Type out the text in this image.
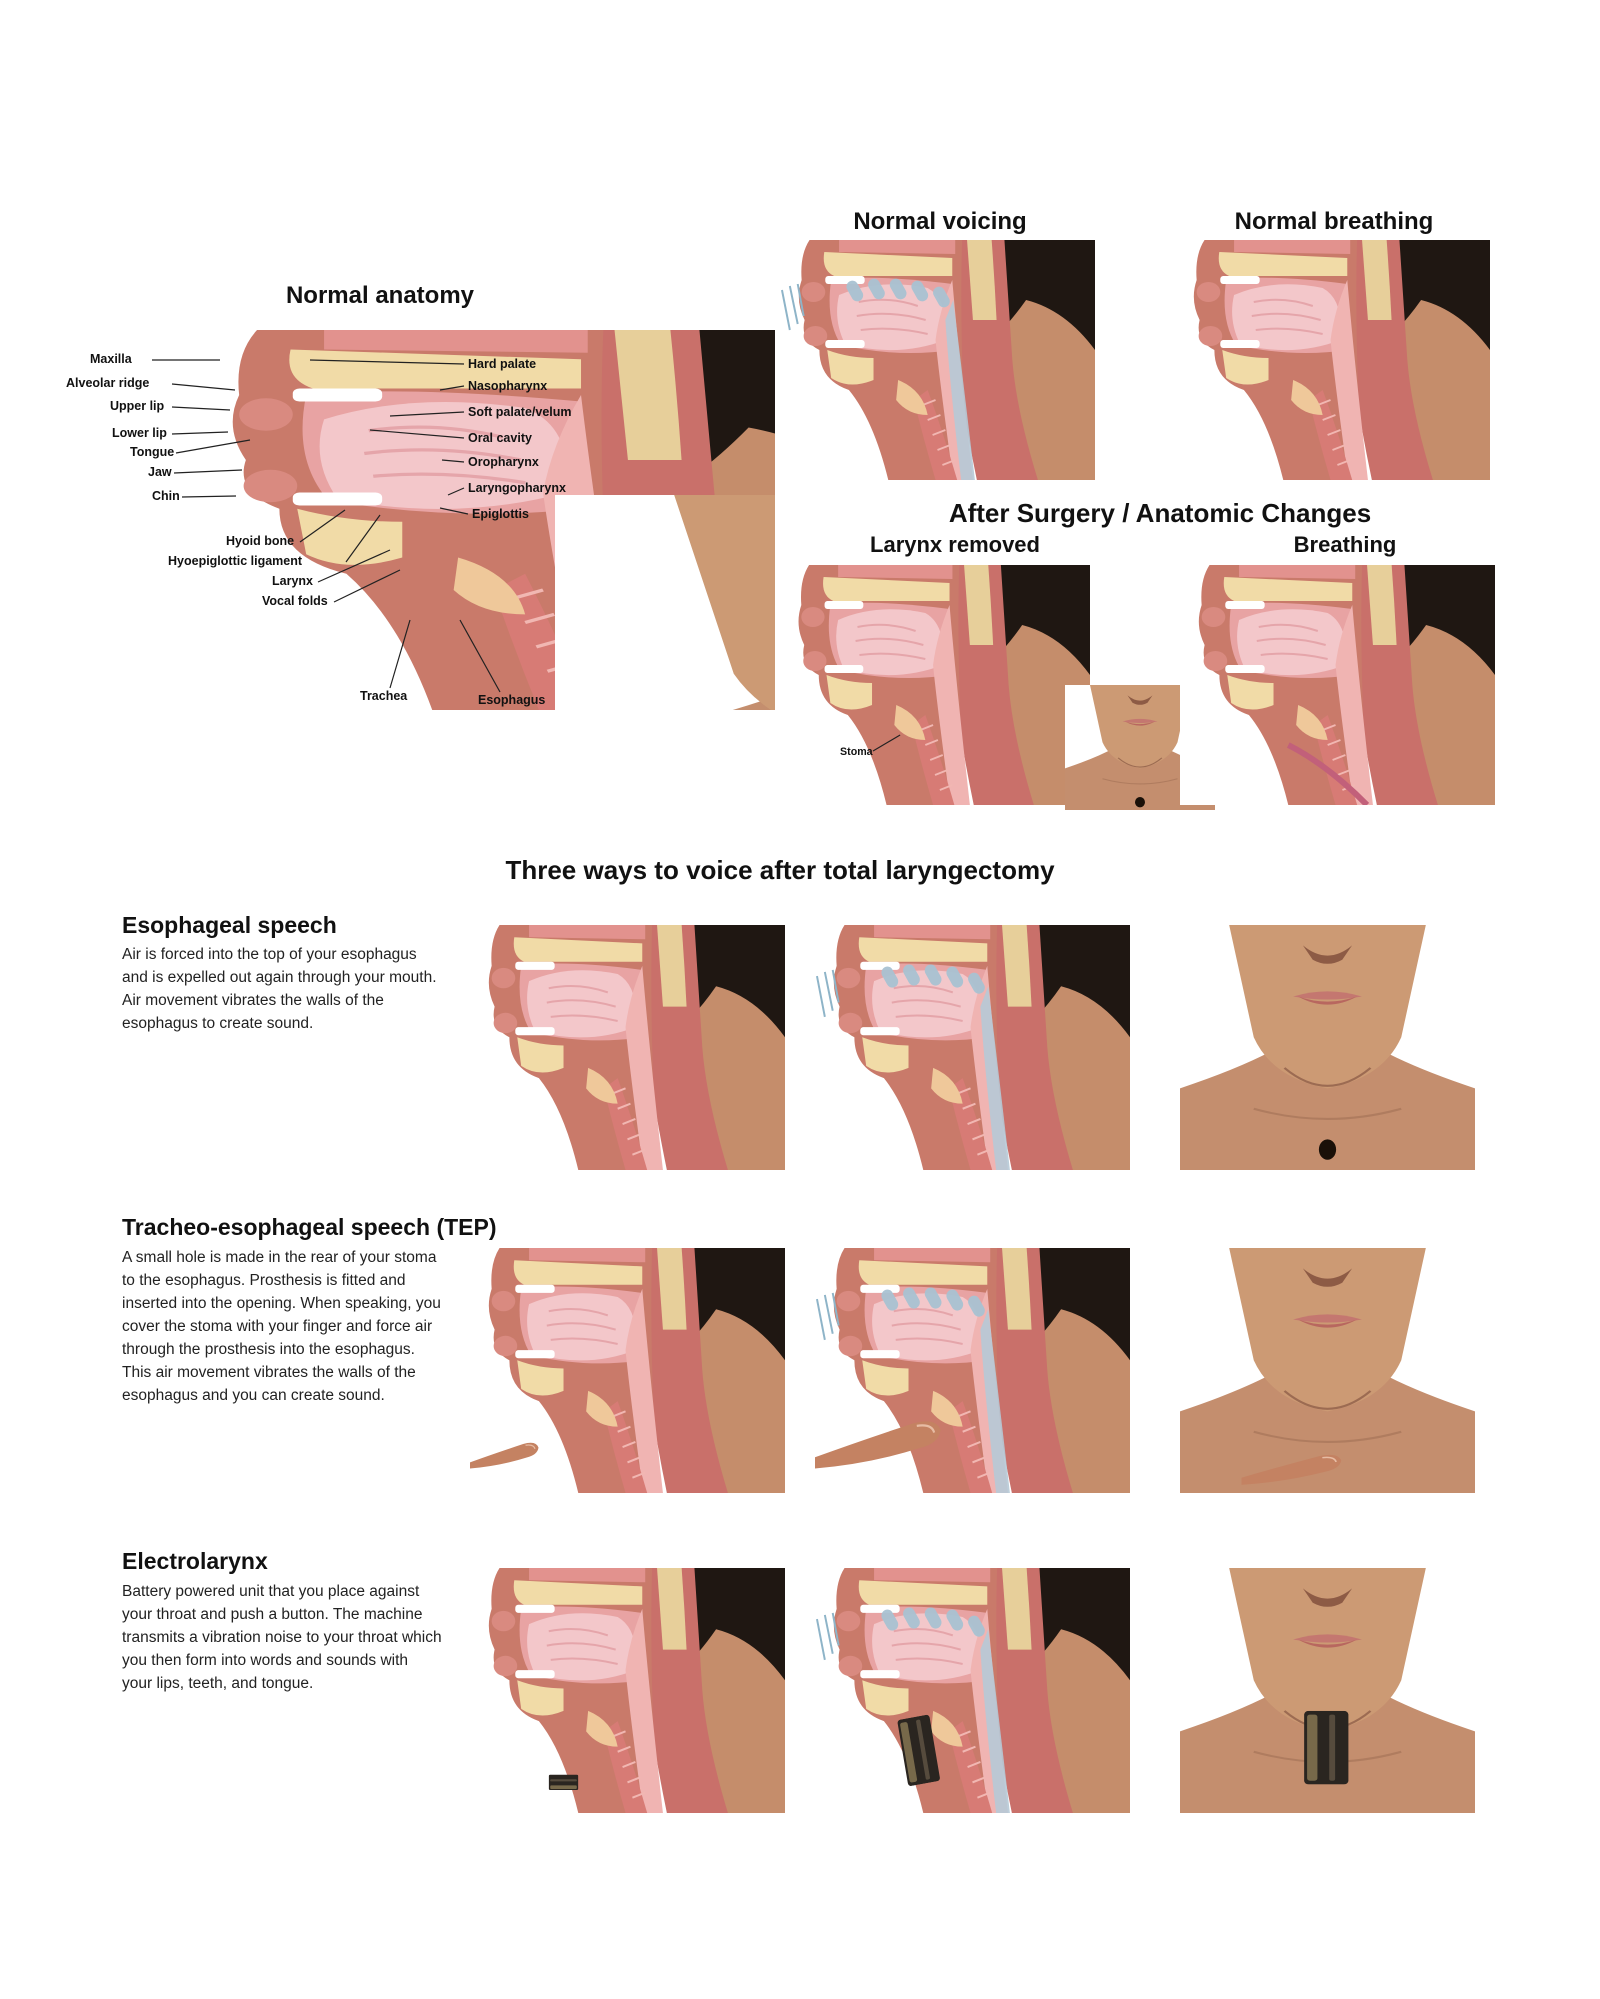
Normal anatomy
Normal voicing	Normal breathing
Maxilla
Alveolar ridge
Upper lip
Lower lip
Tongue
Jaw
Chin
Hard palate
Nasopharynx
Soft palate/velum
Oral cavity
Oropharynx
Laryngopharynx
Epiglottis
Hyoid bone
Hyoepiglottic ligament
Larynx
Vocal folds
Trachea	Esophagus
After Surgery / Anatomic Changes
Larynx removed	Breathing
Stoma
Three ways to voice after total laryngectomy
Esophageal speech
Air is forced into the top of your esophagus and is expelled out again through your mouth. Air movement vibrates the walls of the esophagus to create sound.
Tracheo-esophageal speech (TEP)
A small hole is made in the rear of your stoma to the esophagus. Prosthesis is fitted and inserted into the opening. When speaking, you cover the stoma with your finger and force air through the prosthesis into the esophagus. This air movement vibrates the walls of the esophagus and you can create sound.
Electrolarynx
Battery powered unit that you place against your throat and push a button. The machine transmits a vibration noise to your throat which you then form into words and sounds with your lips, teeth, and tongue.
